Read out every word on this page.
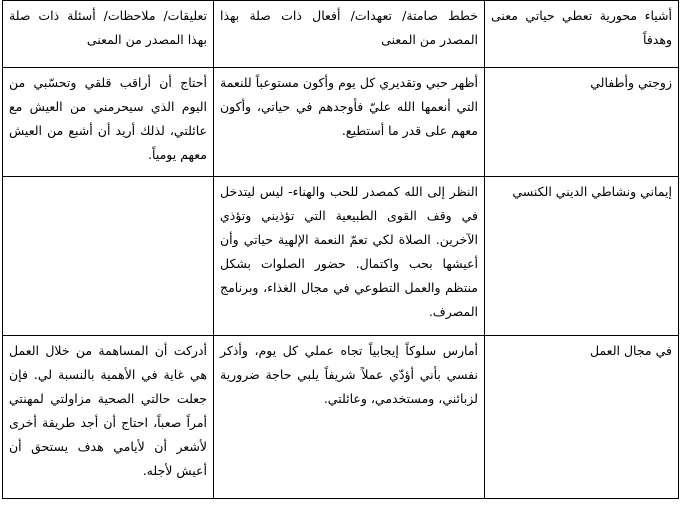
أشياء محورية تعطي حياتي معنى وهدفاً	خطط صامتة/ تعهدات/ أفعال ذات صلة بهذا المصدر من المعنى	تعليقات/ ملاحظات/ أسئلة ذات صلة بهذا المصدر من المعنى
زوجتي وأطفالي	أظهر حبي وتقديري كل يوم وأكون مستوعباً للنعمة التي أنعمها الله عليّ فأوجدهم في حياتي، وأكون معهم على قدر ما أستطيع.	أحتاج أن أراقب قلقي وتحسّبي من اليوم الذي سيحرمني من العيش مع عائلتي، لذلك أريد أن أشبع من العيش معهم يومياً.
إيماني ونشاطي الديني الكنسي	النظر إلى الله كمصدر للحب والهناء- ليس ليتدخل في وقف القوى الطبيعية التي تؤذيني وتؤذي الآخرين. الصلاة لكي تعمّ النعمة الإلهية حياتي وأن أعيشها بحب واكتمال. حضور الصلوات بشكل منتظم والعمل التطوعي في مجال الغذاء، وبرنامج المصرف.	
في مجال العمل	أمارس سلوكاً إيجابياً تجاه عملي كل يوم، وأذكر نفسي بأني أؤدّي عملاً شريفاً يلبي حاجة ضرورية لزبائني، ومستخدمي، وعائلتي.	أدركت أن المساهمة من خلال العمل هي غاية في الأهمية بالنسبة لي. فإن جعلت حالتي الصحية مزاولتي لمهنتي أمراً صعباً، احتاج أن أجد طريقة أخرى لأشعر أن لأيامي هدف يستحق أن أعيش لأجله.
